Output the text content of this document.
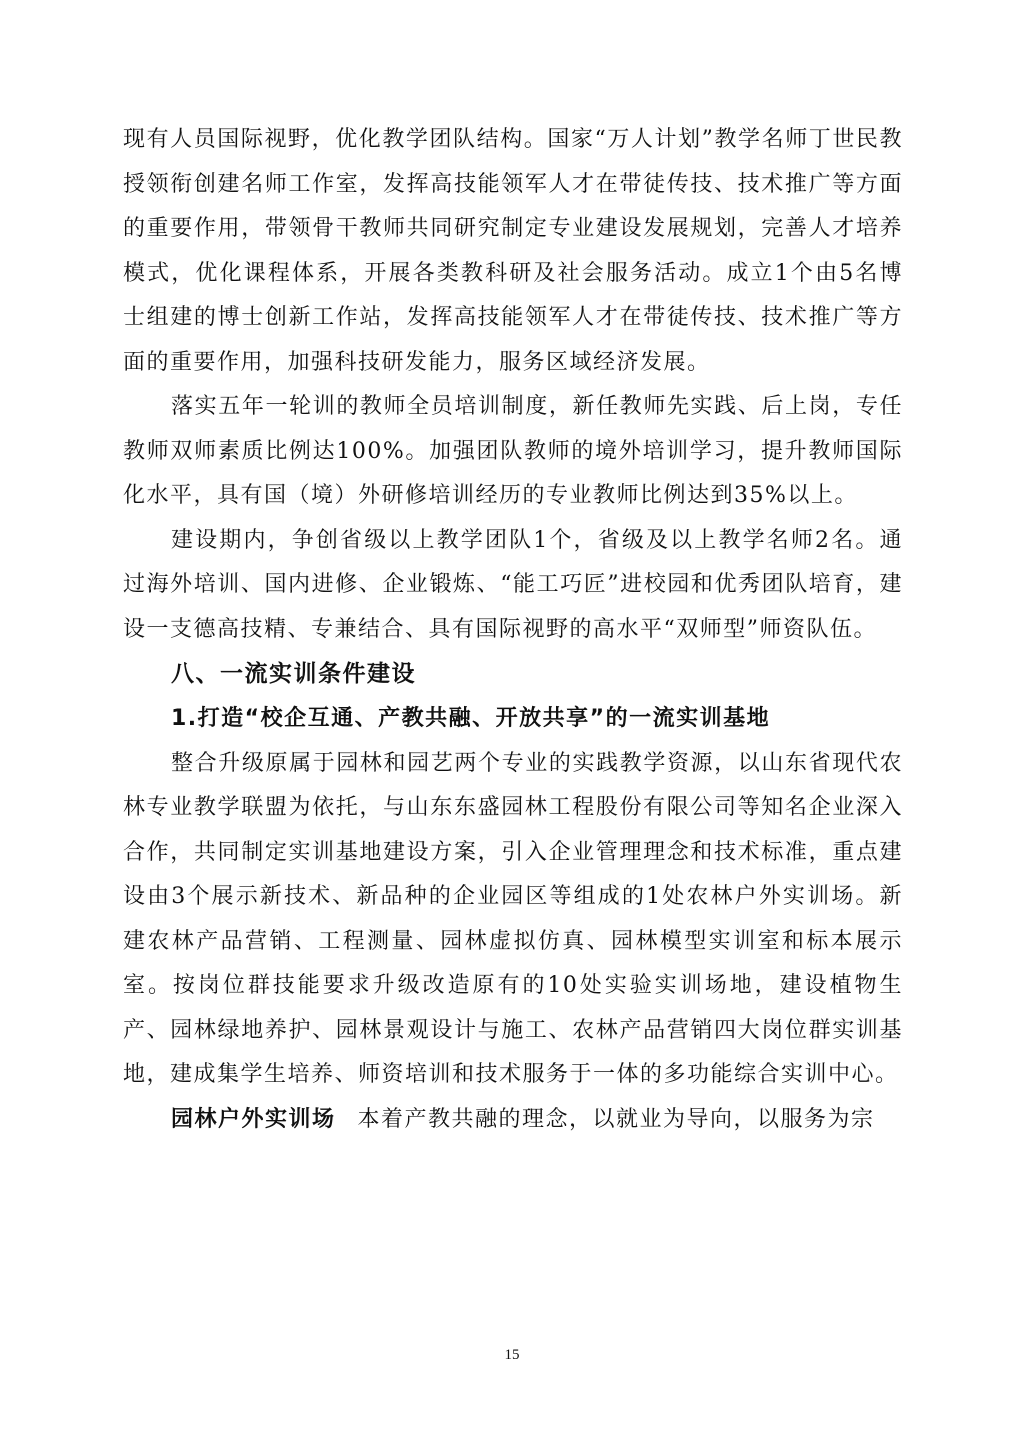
现有人员国际视野，优化教学团队结构。国家“万人计划”教学名师丁世民教授领衔创建名师工作室，发挥高技能领军人才在带徒传技、技术推广等方面的重要作用，带领骨干教师共同研究制定专业建设发展规划，完善人才培养模式，优化课程体系，开展各类教科研及社会服务活动。成立1个由5名博士组建的博士创新工作站，发挥高技能领军人才在带徒传技、技术推广等方面的重要作用，加强科技研发能力，服务区域经济发展。

落实五年一轮训的教师全员培训制度，新任教师先实践、后上岗，专任教师双师素质比例达100%。加强团队教师的境外培训学习，提升教师国际化水平，具有国（境）外研修培训经历的专业教师比例达到35%以上。

建设期内，争创省级以上教学团队1个，省级及以上教学名师2名。通过海外培训、国内进修、企业锻炼、“能工巧匠”进校园和优秀团队培育，建设一支德高技精、专兼结合、具有国际视野的高水平“双师型”师资队伍。

八、一流实训条件建设
1.打造“校企互通、产教共融、开放共享”的一流实训基地

整合升级原属于园林和园艺两个专业的实践教学资源，以山东省现代农林专业教学联盟为依托，与山东东盛园林工程股份有限公司等知名企业深入合作，共同制定实训基地建设方案，引入企业管理理念和技术标准，重点建设由3个展示新技术、新品种的企业园区等组成的1处农林户外实训场。新建农林产品营销、工程测量、园林虚拟仿真、园林模型实训室和标本展示室。按岗位群技能要求升级改造原有的10处实验实训场地，建设植物生产、园林绿地养护、园林景观设计与施工、农林产品营销四大岗位群实训基地，建成集学生培养、师资培训和技术服务于一体的多功能综合实训中心。

园林户外实训场 本着产教共融的理念，以就业为导向，以服务为宗

15
